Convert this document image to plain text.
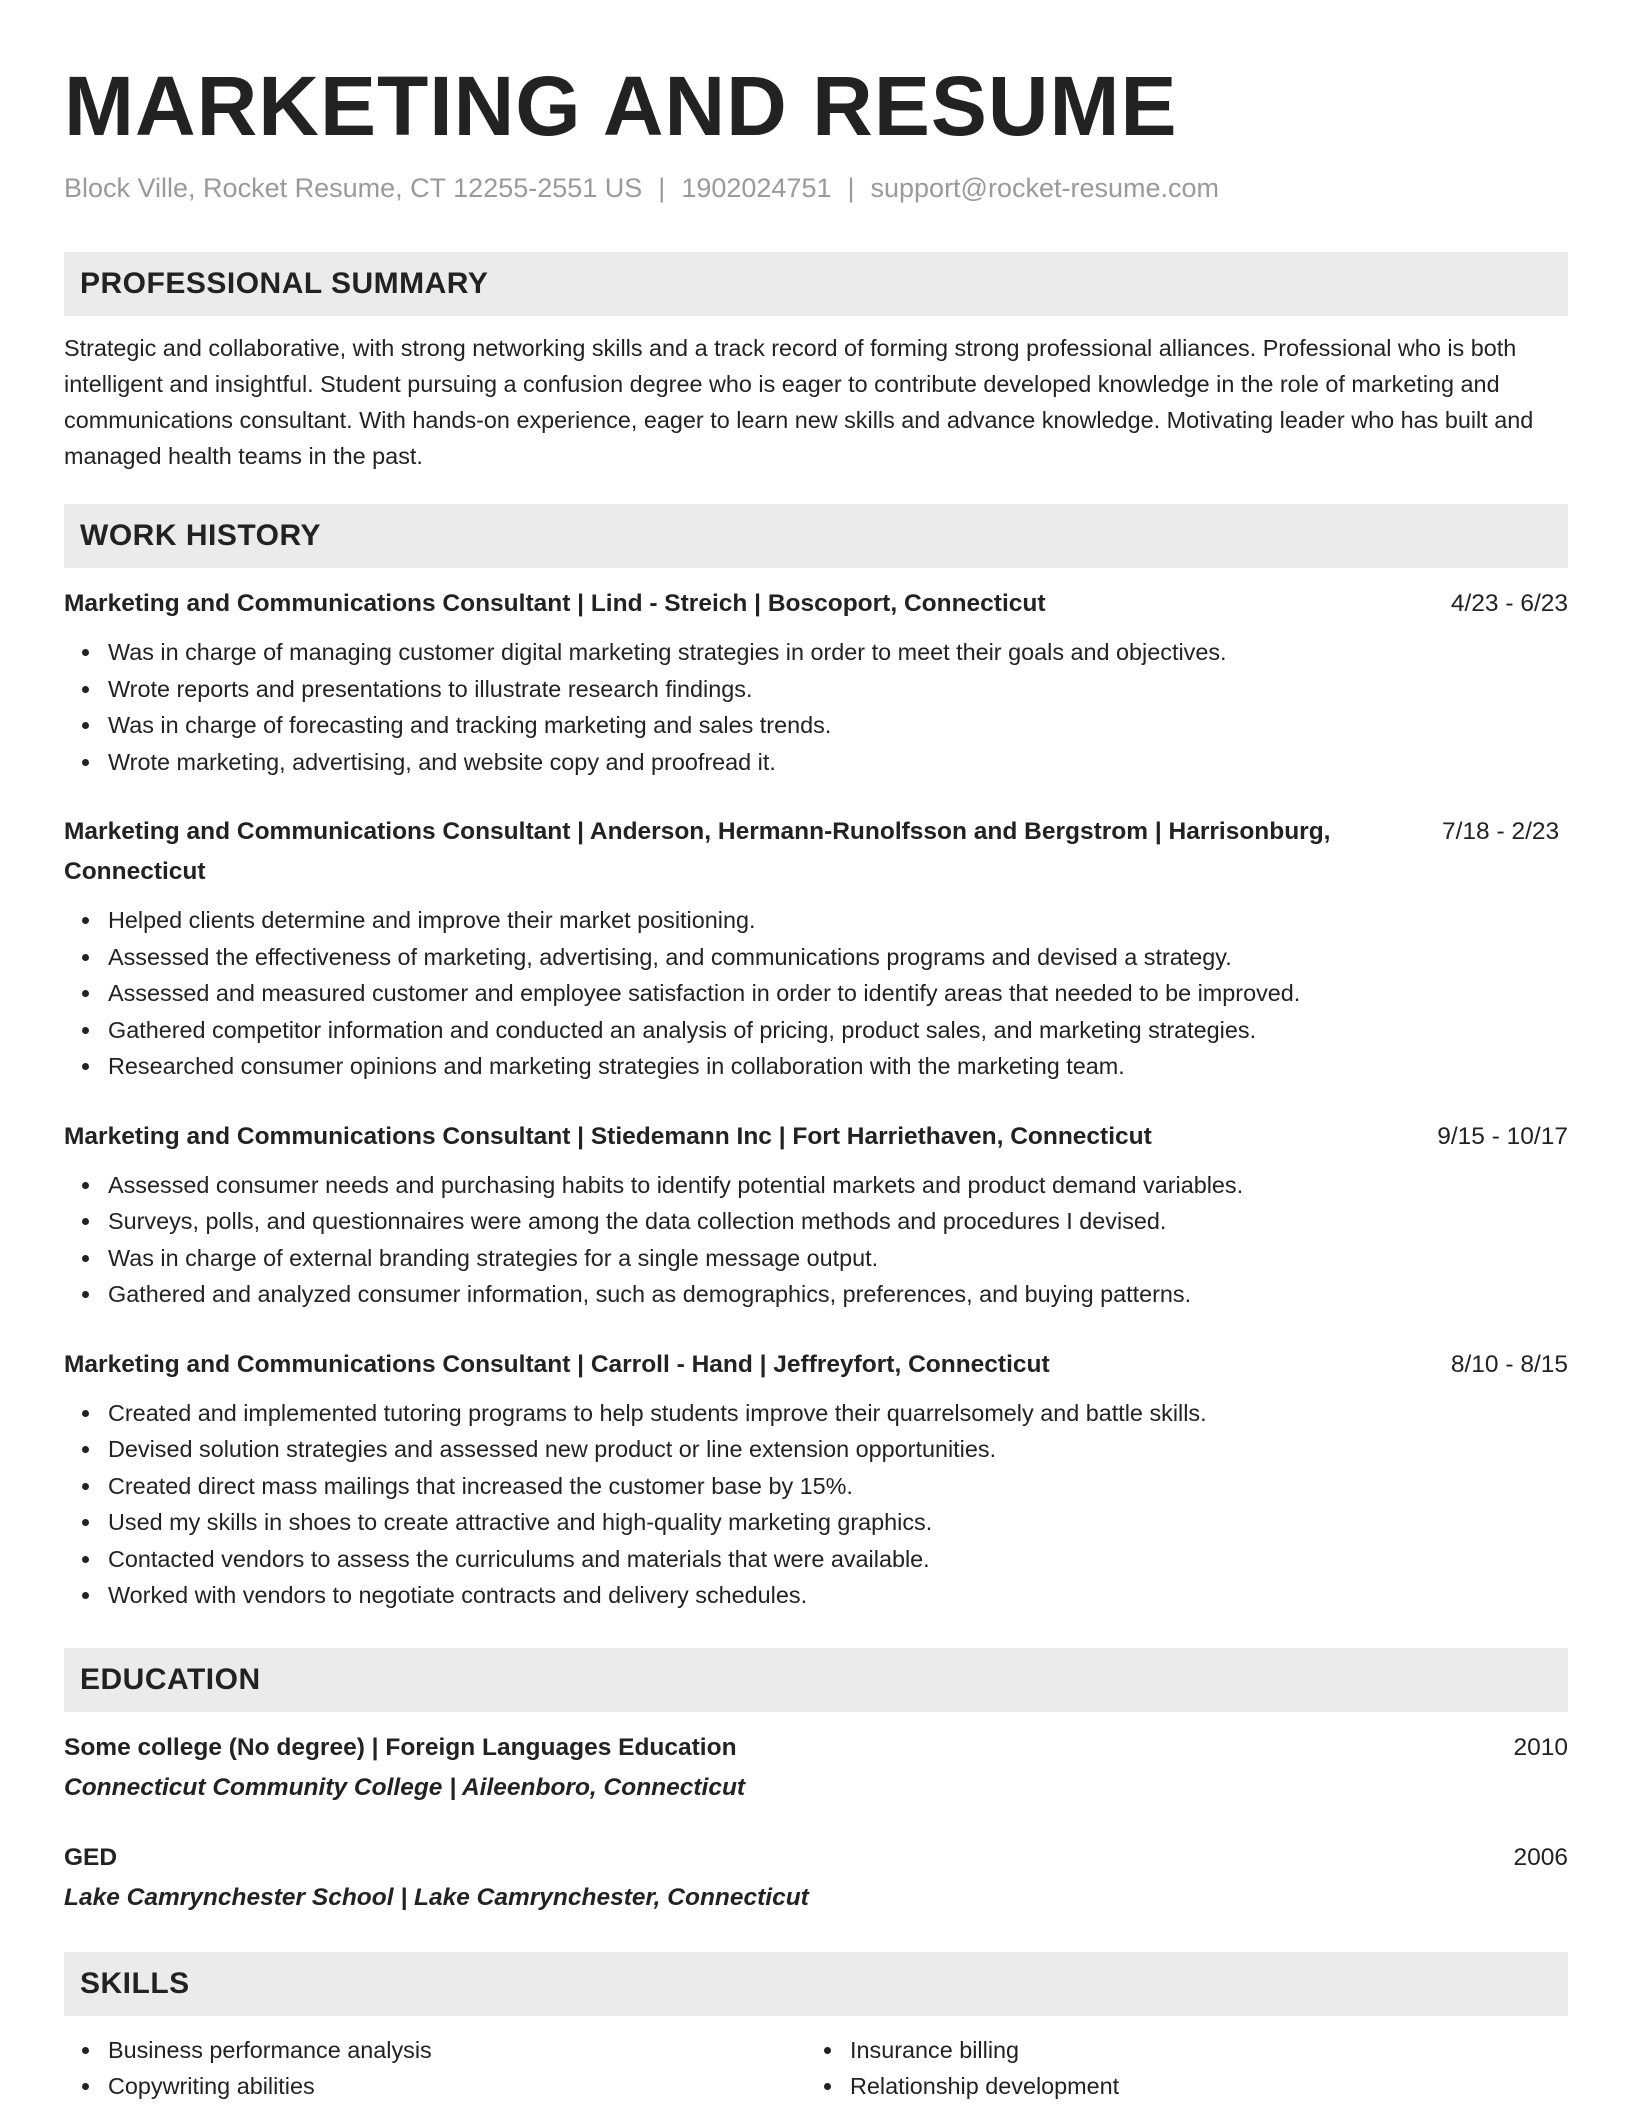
MARKETING AND RESUME
Block Ville, Rocket Resume, CT 12255-2551 US | 1902024751 | support@rocket-resume.com
PROFESSIONAL SUMMARY

Strategic and collaborative, with strong networking skills and a track record of forming strong professional alliances. Professional who is both intelligent and insightful. Student pursuing a confusion degree who is eager to contribute developed knowledge in the role of marketing and communications consultant. With hands-on experience, eager to learn new skills and advance knowledge. Motivating leader who has built and managed health teams in the past.

WORK HISTORY
Marketing and Communications Consultant | Lind - Streich | Boscoport, Connecticut	4/23 - 6/23
Was in charge of managing customer digital marketing strategies in order to meet their goals and objectives.
Wrote reports and presentations to illustrate research findings.
Was in charge of forecasting and tracking marketing and sales trends.
Wrote marketing, advertising, and website copy and proofread it.
Marketing and Communications Consultant | Anderson, Hermann-Runolfsson and Bergstrom | Harrisonburg, Connecticut
7/18 - 2/23
Helped clients determine and improve their market positioning.
Assessed the effectiveness of marketing, advertising, and communications programs and devised a strategy.
Assessed and measured customer and employee satisfaction in order to identify areas that needed to be improved.
Gathered competitor information and conducted an analysis of pricing, product sales, and marketing strategies.
Researched consumer opinions and marketing strategies in collaboration with the marketing team.
Marketing and Communications Consultant | Stiedemann Inc | Fort Harriethaven, Connecticut	9/15 - 10/17
Assessed consumer needs and purchasing habits to identify potential markets and product demand variables.
Surveys, polls, and questionnaires were among the data collection methods and procedures I devised.
Was in charge of external branding strategies for a single message output.
Gathered and analyzed consumer information, such as demographics, preferences, and buying patterns.
Marketing and Communications Consultant | Carroll - Hand | Jeffreyfort, Connecticut	8/10 - 8/15
Created and implemented tutoring programs to help students improve their quarrelsomely and battle skills.
Devised solution strategies and assessed new product or line extension opportunities.
Created direct mass mailings that increased the customer base by 15%.
Used my skills in shoes to create attractive and high-quality marketing graphics.
Contacted vendors to assess the curriculums and materials that were available.
Worked with vendors to negotiate contracts and delivery schedules.
EDUCATION
Some college (No degree) | Foreign Languages Education	2010
Connecticut Community College | Aileenboro, Connecticut
GED	2006
Lake Camrynchester School | Lake Camrynchester, Connecticut
SKILLS
Business performance analysis
Copywriting abilities
Insurance billing
Relationship development
